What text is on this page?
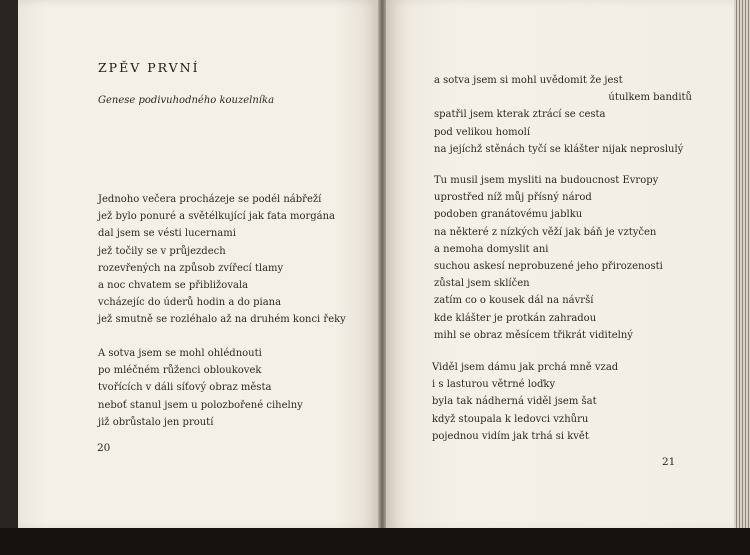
ZPĚV PRVNÍ
Genese podivuhodného kouzelníka
Jednoho večera procházeje se podél nábřeží
jež bylo ponuré a světélkující jak fata morgána
dal jsem se vésti lucernami
jež točily se v průjezdech
rozevřených na způsob zvířecí tlamy
a noc chvatem se přibližovala
vcházejíc do úderů hodin a do piana
jež smutně se rozléhalo až na druhém konci řeky
A sotva jsem se mohl ohlédnouti
po mléčném růženci obloukovek
tvořících v dáli síťový obraz města
neboť stanul jsem u polozbořené cihelny
již obrůstalo jen proutí
20
a sotva jsem si mohl uvědomit že jest
útulkem banditů
spatřil jsem kterak ztrácí se cesta
pod velikou homolí
na jejíchž stěnách tyčí se klášter nijak neproslulý
Tu musil jsem mysliti na budoucnost Evropy
uprostřed níž můj přísný národ
podoben granátovému jablku
na některé z nízkých věží jak báň je vztyčen
a nemoha domyslit ani
suchou askesí neprobuzené jeho přirozenosti
zůstal jsem sklíčen
zatím co o kousek dál na návrší
kde klášter je protkán zahradou
mihl se obraz měsícem třikrát viditelný
Viděl jsem dámu jak prchá mně vzad
i s lasturou větrné loďky
byla tak nádherná viděl jsem šat
když stoupala k ledovci vzhůru
pojednou vidím jak trhá si květ
21
